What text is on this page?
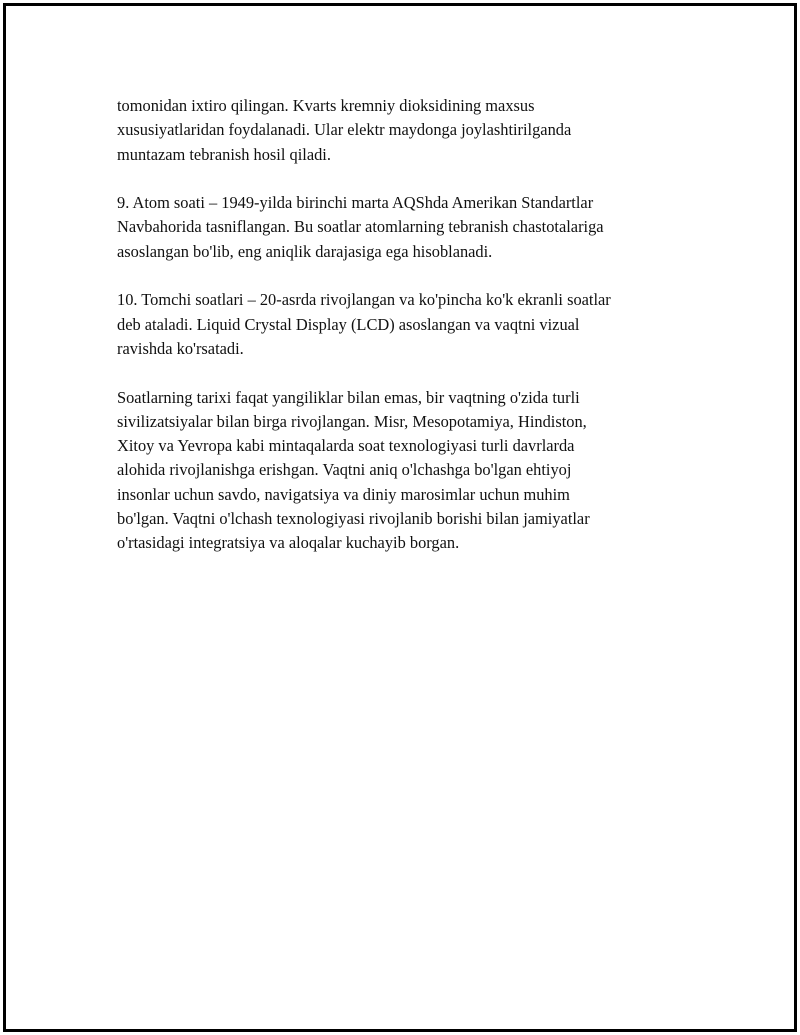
tomonidan ixtiro qilingan. Kvarts kremniy dioksidining maxsus
xususiyatlaridan foydalanadi. Ular elektr maydonga joylashtirilganda
muntazam tebranish hosil qiladi.

9. Atom soati – 1949-yilda birinchi marta AQShda Amerikan Standartlar
Navbahorida tasniflangan. Bu soatlar atomlarning tebranish chastotalariga
asoslangan bo'lib, eng aniqlik darajasiga ega hisoblanadi.

10. Tomchi soatlari – 20-asrda rivojlangan va ko'pincha ko'k ekranli soatlar
deb ataladi. Liquid Crystal Display (LCD) asoslangan va vaqtni vizual
ravishda ko'rsatadi.

Soatlarning tarixi faqat yangiliklar bilan emas, bir vaqtning o'zida turli
sivilizatsiyalar bilan birga rivojlangan. Misr, Mesopotamiya, Hindiston,
Xitoy va Yevropa kabi mintaqalarda soat texnologiyasi turli davrlarda
alohida rivojlanishga erishgan. Vaqtni aniq o'lchashga bo'lgan ehtiyoj
insonlar uchun savdo, navigatsiya va diniy marosimlar uchun muhim
bo'lgan. Vaqtni o'lchash texnologiyasi rivojlanib borishi bilan jamiyatlar
o'rtasidagi integratsiya va aloqalar kuchayib borgan.
